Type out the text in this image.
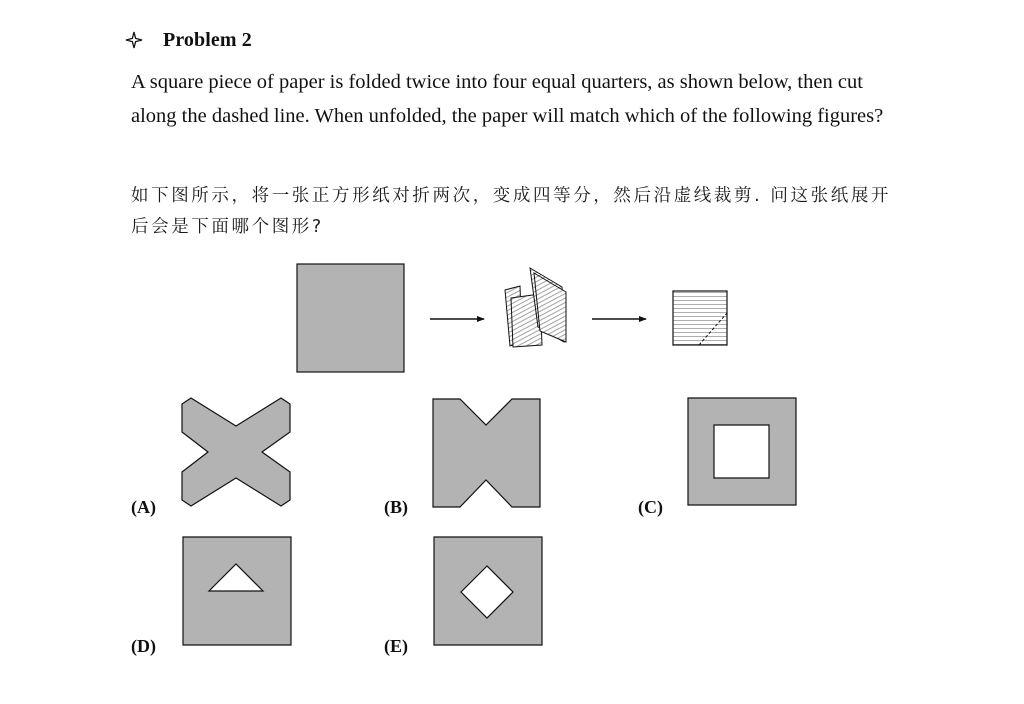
Problem 2
A square piece of paper is folded twice into four equal quarters, as shown below, then cut along the dashed line. When unfolded, the paper will match which of the following figures?
如下图所示，将一张正方形纸对折两次，变成四等分，然后沿虚线裁剪. 问这张纸展开后会是下面哪个图形?
(A)	(B)	(C)
(D)	(E)
